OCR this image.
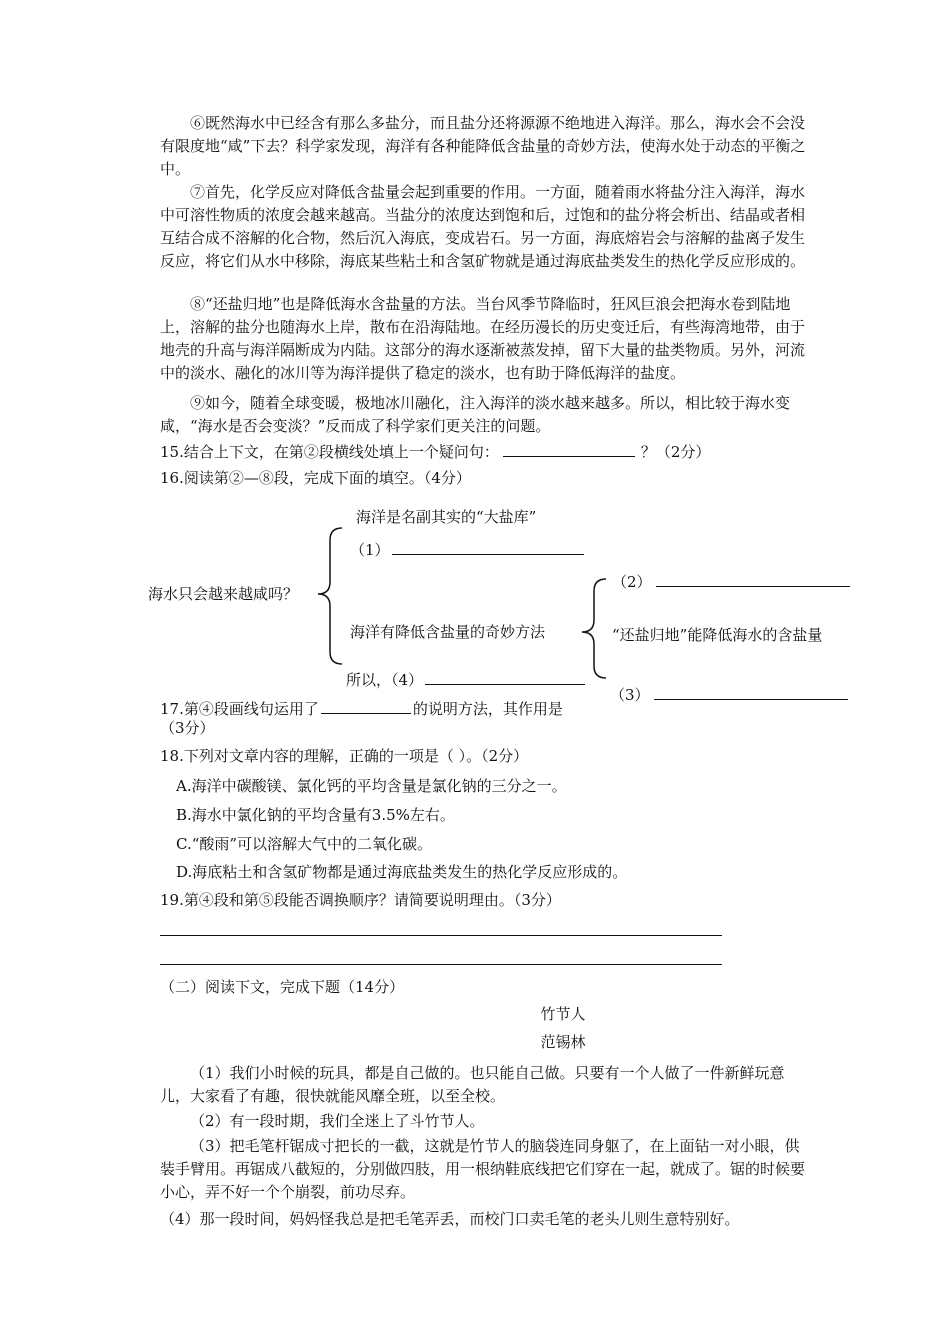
⑥既然海水中已经含有那么多盐分，而且盐分还将源源不绝地进入海洋。那么，海水会不会没有限度地“咸”下去？科学家发现，海洋有各种能降低含盐量的奇妙方法，使海水处于动态的平衡之中。

⑦首先，化学反应对降低含盐量会起到重要的作用。一方面，随着雨水将盐分注入海洋，海水中可溶性物质的浓度会越来越高。当盐分的浓度达到饱和后，过饱和的盐分将会析出、结晶或者相互结合成不溶解的化合物，然后沉入海底，变成岩石。另一方面，海底熔岩会与溶解的盐离子发生反应，将它们从水中移除，海底某些粘土和含氢矿物就是通过海底盐类发生的热化学反应形成的。

⑧“还盐归地”也是降低海水含盐量的方法。当台风季节降临时，狂风巨浪会把海水卷到陆地上，溶解的盐分也随海水上岸，散布在沿海陆地。在经历漫长的历史变迁后，有些海湾地带，由于地壳的升高与海洋隔断成为内陆。这部分的海水逐渐被蒸发掉，留下大量的盐类物质。另外，河流中的淡水、融化的冰川等为海洋提供了稳定的淡水，也有助于降低海洋的盐度。

⑨如今，随着全球变暖，极地冰川融化，注入海洋的淡水越来越多。所以，相比较于海水变咸，“海水是否会变淡？”反而成了科学家们更关注的问题。

15.结合上下文，在第②段横线处填上一个疑问句：	？（2分）
16.阅读第②—⑧段，完成下面的填空。（4分）
海水只会越来越咸吗？
海洋是名副其实的“大盐库”
（1）
海洋有降低含盐量的奇妙方法
（2）
“还盐归地”能降低海水的含盐量
（3）
所以，（4）
17.第④段画线句运用了	的说明方法，其作用是
（3分）
18.下列对文章内容的理解，正确的一项是（ ）。（2分）
A.海洋中碳酸镁、氯化钙的平均含量是氯化钠的三分之一。
B.海水中氯化钠的平均含量有3.5%左右。
C.“酸雨”可以溶解大气中的二氧化碳。
D.海底粘土和含氢矿物都是通过海底盐类发生的热化学反应形成的。
19.第④段和第⑤段能否调换顺序？请简要说明理由。（3分）
（二）阅读下文，完成下题（14分）
竹节人
范锡林

（1）我们小时候的玩具，都是自己做的。也只能自己做。只要有一个人做了一件新鲜玩意儿，大家看了有趣，很快就能风靡全班，以至全校。

（2）有一段时期，我们全迷上了斗竹节人。

（3）把毛笔杆锯成寸把长的一截，这就是竹节人的脑袋连同身躯了，在上面钻一对小眼，供装手臂用。再锯成八截短的，分别做四肢，用一根纳鞋底线把它们穿在一起，就成了。锯的时候要小心，弄不好一个个崩裂，前功尽弃。

（4）那一段时间，妈妈怪我总是把毛笔弄丢，而校门口卖毛笔的老头儿则生意特别好。
